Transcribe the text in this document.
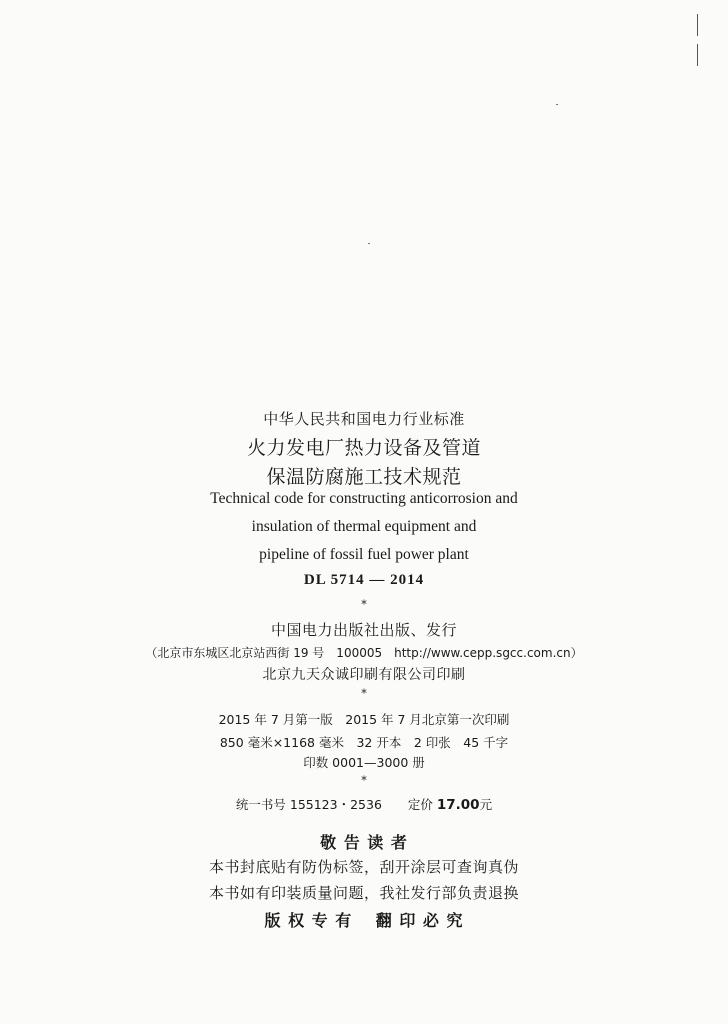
中华人民共和国电力行业标准
火力发电厂热力设备及管道
保温防腐施工技术规范
Technical code for constructing anticorrosion and
insulation of thermal equipment and
pipeline of fossil fuel power plant
DL 5714 — 2014
*
中国电力出版社出版、发行
（北京市东城区北京站西街 19 号　100005　http://www.cepp.sgcc.com.cn）
北京九天众诚印刷有限公司印刷
*
2015 年 7 月第一版　2015 年 7 月北京第一次印刷
850 毫米×1168 毫米　32 开本　2 印张　45 千字
印数 0001—3000 册
*
统一书号 155123・2536 定价 17.00元
敬 告 读 者
本书封底贴有防伪标签，刮开涂层可查询真伪
本书如有印装质量问题，我社发行部负责退换
版 权 专 有　 翻 印 必 究
